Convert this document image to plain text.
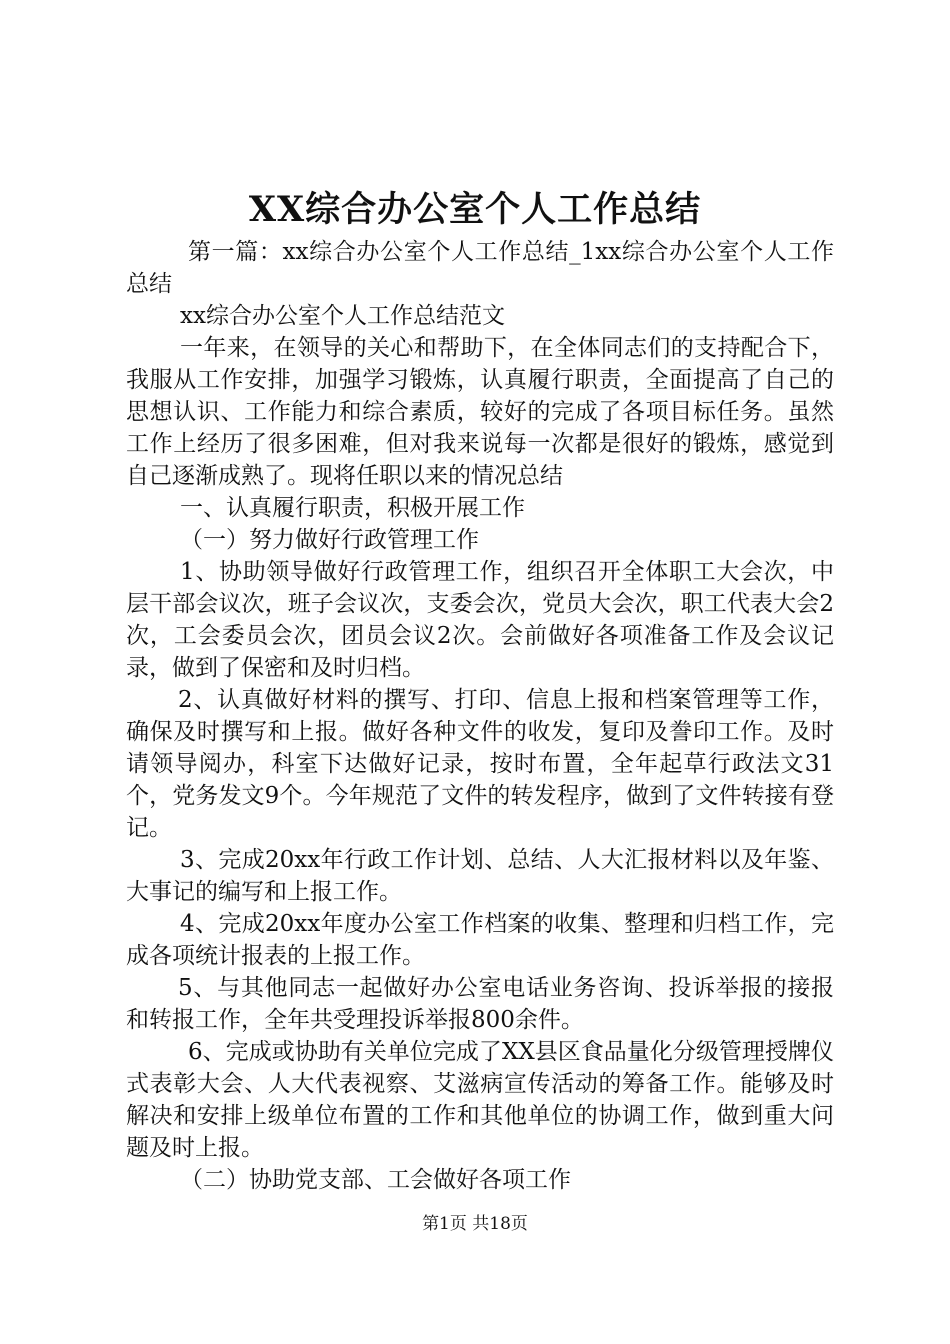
XX综合办公室个人工作总结

第一篇：xx综合办公室个人工作总结_1xx综合办公室个人工作总结

xx综合办公室个人工作总结范文

一年来，在领导的关心和帮助下，在全体同志们的支持配合下，我服从工作安排，加强学习锻炼，认真履行职责，全面提高了自己的思想认识、工作能力和综合素质，较好的完成了各项目标任务。虽然工作上经历了很多困难，但对我来说每一次都是很好的锻炼，感觉到自己逐渐成熟了。现将任职以来的情况总结

一、认真履行职责，积极开展工作

（一）努力做好行政管理工作

1、协助领导做好行政管理工作，组织召开全体职工大会次，中层干部会议次，班子会议次，支委会次，党员大会次，职工代表大会2次，工会委员会次，团员会议2次。会前做好各项准备工作及会议记录，做到了保密和及时归档。

2、认真做好材料的撰写、打印、信息上报和档案管理等工作，确保及时撰写和上报。做好各种文件的收发，复印及誊印工作。及时请领导阅办，科室下达做好记录，按时布置，全年起草行政法文31个，党务发文9个。今年规范了文件的转发程序，做到了文件转接有登记。

3、完成20xx年行政工作计划、总结、人大汇报材料以及年鉴、大事记的编写和上报工作。

4、完成20xx年度办公室工作档案的收集、整理和归档工作，完成各项统计报表的上报工作。

5、与其他同志一起做好办公室电话业务咨询、投诉举报的接报和转报工作，全年共受理投诉举报800余件。

6、完成或协助有关单位完成了XX县区食品量化分级管理授牌仪式表彰大会、人大代表视察、艾滋病宣传活动的筹备工作。能够及时解决和安排上级单位布置的工作和其他单位的协调工作，做到重大问题及时上报。

（二）协助党支部、工会做好各项工作

第1页 共18页
